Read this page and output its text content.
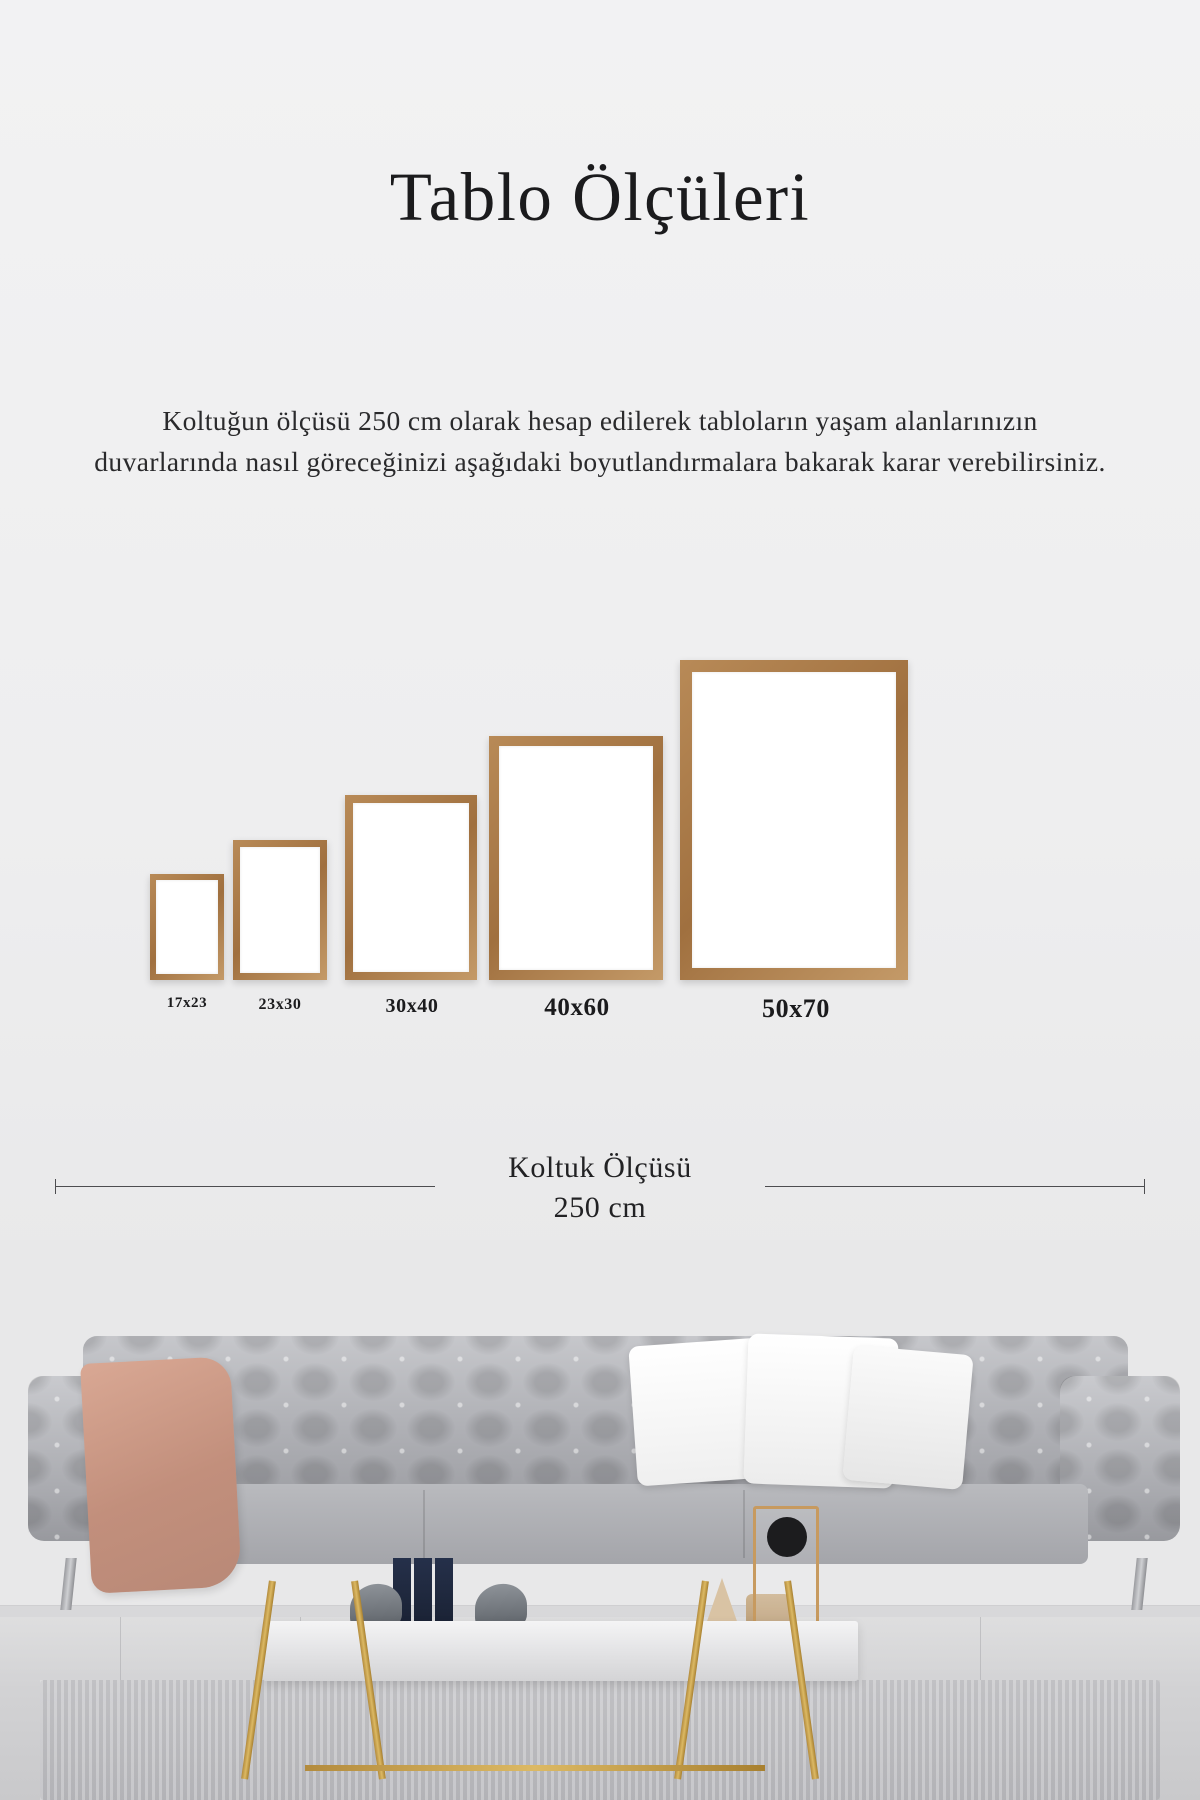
Tablo Ölçüleri
Koltuğun ölçüsü 250 cm olarak hesap edilerek tabloların yaşam alanlarınızın duvarlarında nasıl göreceğinizi aşağıdaki boyutlandırmalara bakarak karar verebilirsiniz.
17x23	23x30	30x40	40x60	50x70
Koltuk Ölçüsü
250 cm
